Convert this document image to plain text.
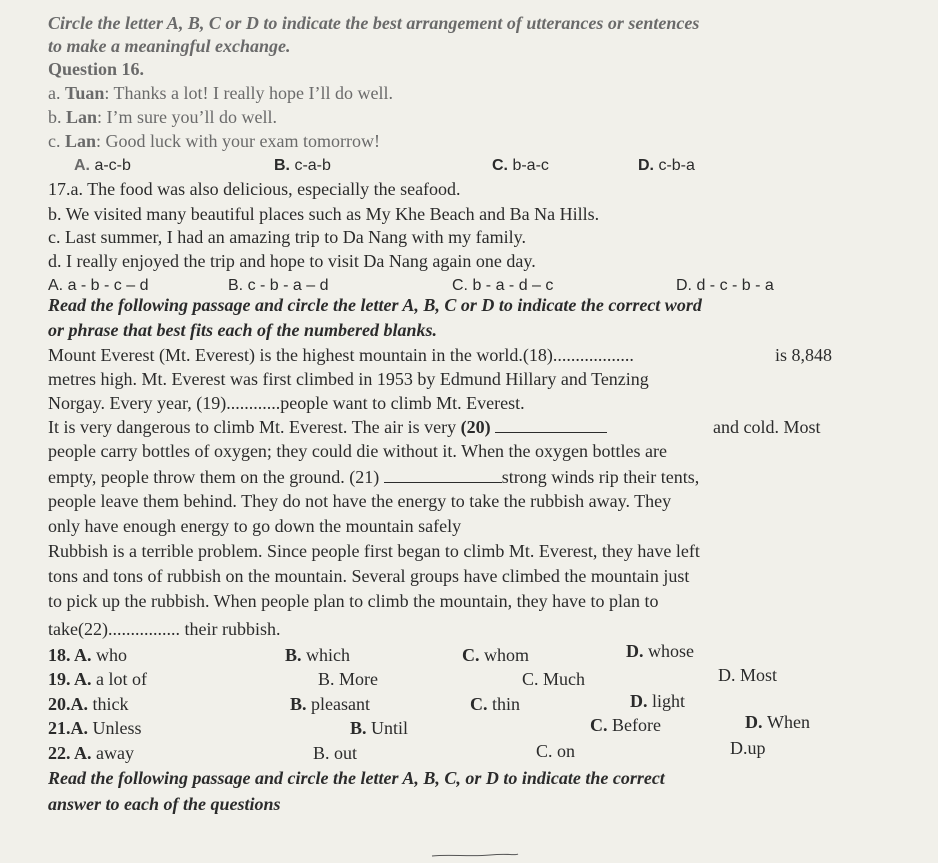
Circle the letter A, B, C or D to indicate the best arrangement of utterances or sentences
to make a meaningful exchange.
Question 16.
a. Tuan: Thanks a lot! I really hope I’ll do well.
b. Lan: I’m sure you’ll do well.
c. Lan: Good luck with your exam tomorrow!
A. a-c-b	B. c-a-b	C. b-a-c	D. c-b-a
17.a. The food was also delicious, especially the seafood.
b. We visited many beautiful places such as My Khe Beach and Ba Na Hills.
c. Last summer, I had an amazing trip to Da Nang with my family.
d. I really enjoyed the trip and hope to visit Da Nang again one day.
A. a - b - c – d	B. c - b - a – d	C. b - a - d – c	D. d - c - b - a
Read the following passage and circle the letter A, B, C or D to indicate the correct word
or phrase that best fits each of the numbered blanks.
Mount Everest (Mt. Everest) is the highest mountain in the world.(18)..................	is 8,848
metres high. Mt. Everest was first climbed in 1953 by Edmund Hillary and Tenzing
Norgay. Every year, (19)............people want to climb Mt. Everest.
It is very dangerous to climb Mt. Everest. The air is very (20)	and cold. Most
people carry bottles of oxygen; they could die without it. When the oxygen bottles are
empty, people throw them on the ground. (21)	strong winds rip their tents,
people leave them behind. They do not have the energy to take the rubbish away. They
only have enough energy to go down the mountain safely
Rubbish is a terrible problem. Since people first began to climb Mt. Everest, they have left
tons and tons of rubbish on the mountain. Several groups have climbed the mountain just
to pick up the rubbish. When people plan to climb the mountain, they have to plan to
take(22)................ their rubbish.
18. A. who	B. which	C. whom	D. whose
19. A. a lot of	B. More	C. Much	D. Most
20.A. thick	B. pleasant	C. thin	D. light
21.A. Unless	B. Until	C. Before	D. When
22. A. away	B. out	C. on	D.up
Read the following passage and circle the letter A, B, C, or D to indicate the correct
answer to each of the questions
